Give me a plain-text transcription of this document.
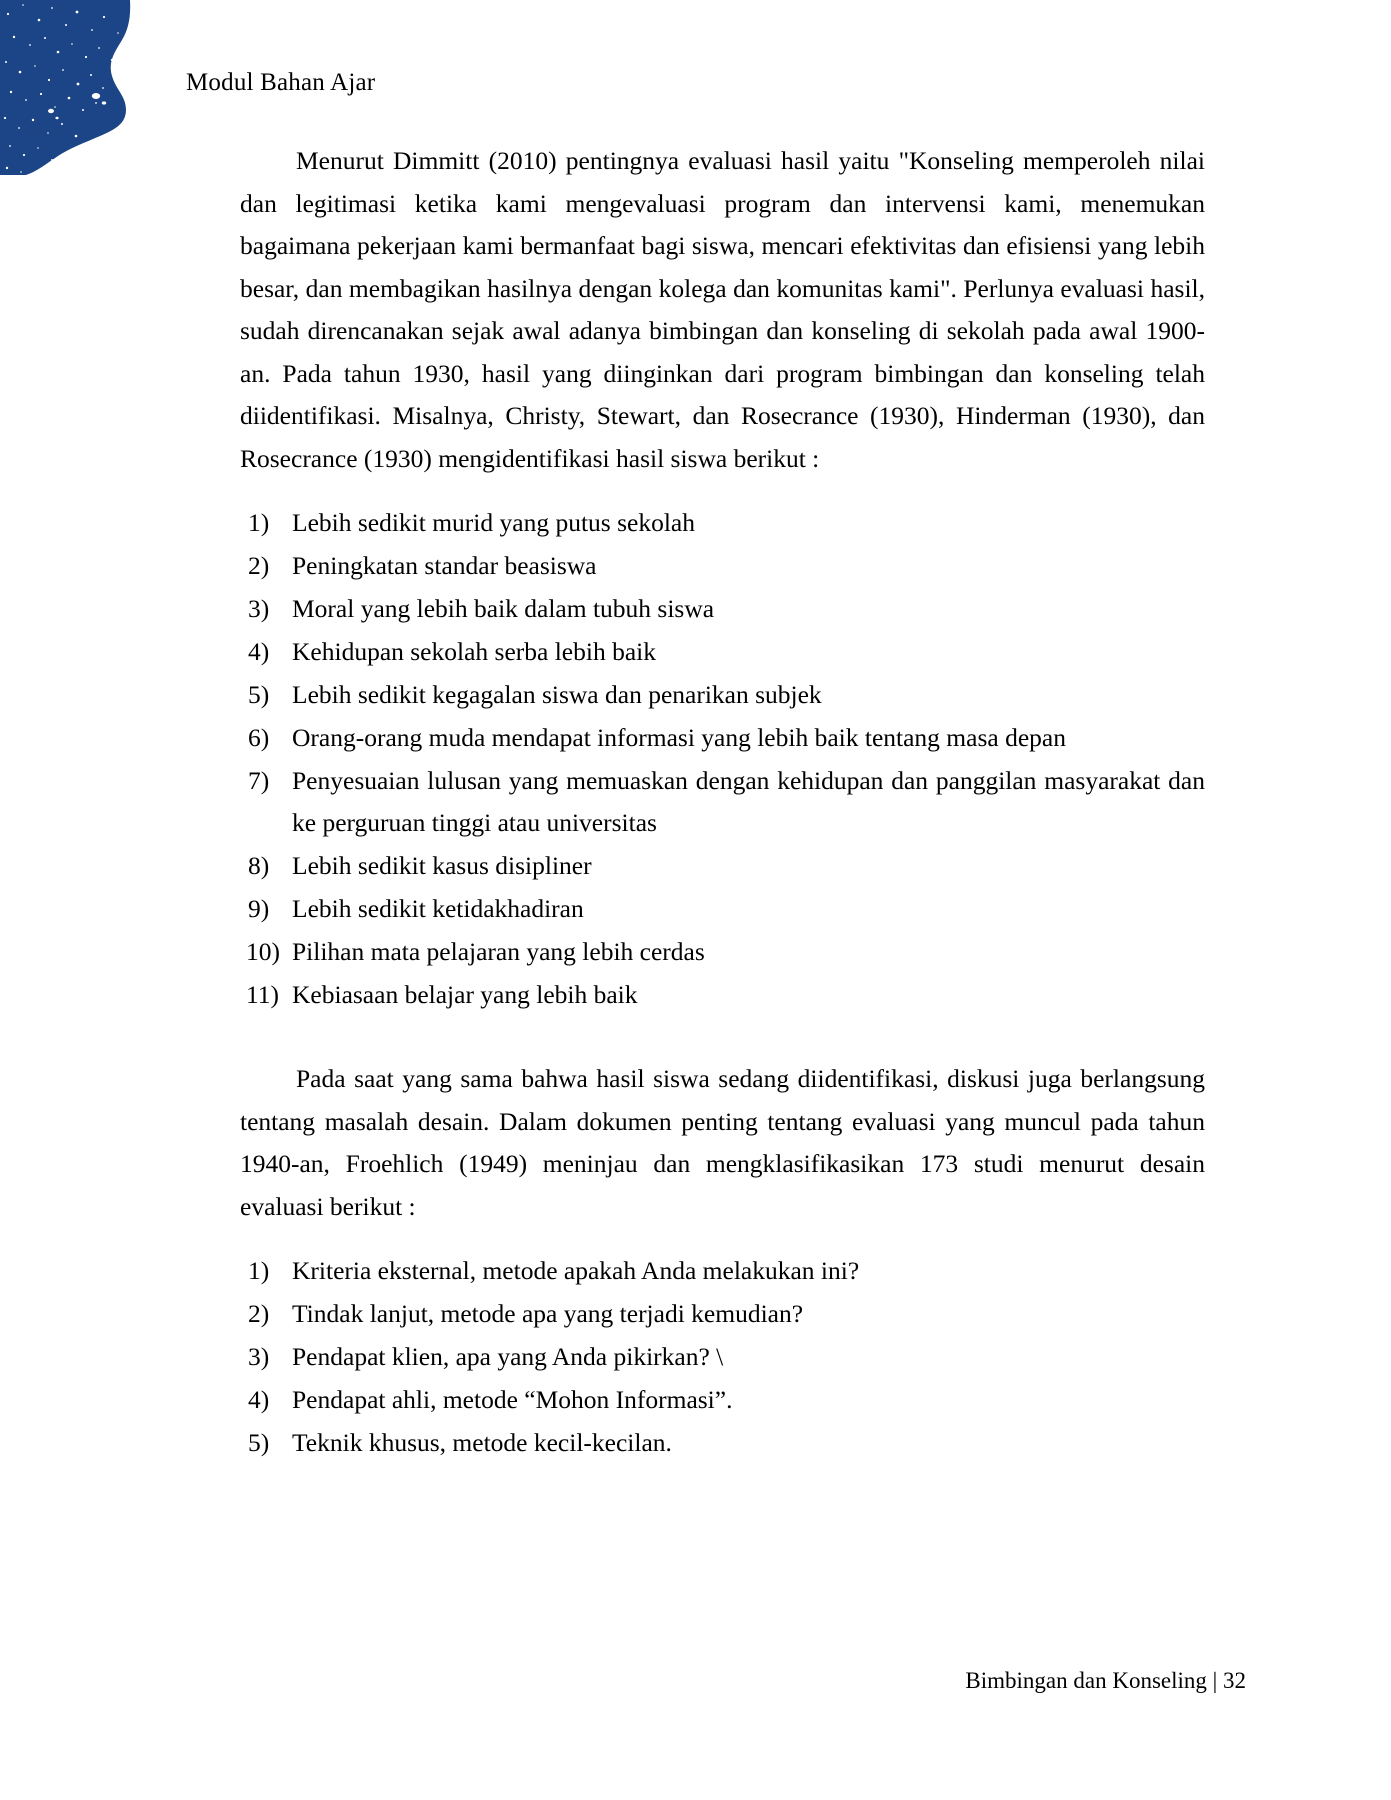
Modul Bahan Ajar

Menurut Dimmitt (2010) pentingnya evaluasi hasil yaitu "Konseling memperoleh nilai dan legitimasi ketika kami mengevaluasi program dan intervensi kami, menemukan bagaimana pekerjaan kami bermanfaat bagi siswa, mencari efektivitas dan efisiensi yang lebih besar, dan membagikan hasilnya dengan kolega dan komunitas kami". Perlunya evaluasi hasil, sudah direncanakan sejak awal adanya bimbingan dan konseling di sekolah pada awal 1900-an. Pada tahun 1930, hasil yang diinginkan dari program bimbingan dan konseling telah diidentifikasi. Misalnya, Christy, Stewart, dan Rosecrance (1930), Hinderman (1930), dan Rosecrance (1930) mengidentifikasi hasil siswa berikut :

1) Lebih sedikit murid yang putus sekolah
2) Peningkatan standar beasiswa
3) Moral yang lebih baik dalam tubuh siswa
4) Kehidupan sekolah serba lebih baik
5) Lebih sedikit kegagalan siswa dan penarikan subjek
6) Orang-orang muda mendapat informasi yang lebih baik tentang masa depan
7) Penyesuaian lulusan yang memuaskan dengan kehidupan dan panggilan masyarakat dan ke perguruan tinggi atau universitas
8) Lebih sedikit kasus disipliner
9) Lebih sedikit ketidakhadiran
10) Pilihan mata pelajaran yang lebih cerdas
11) Kebiasaan belajar yang lebih baik

Pada saat yang sama bahwa hasil siswa sedang diidentifikasi, diskusi juga berlangsung tentang masalah desain. Dalam dokumen penting tentang evaluasi yang muncul pada tahun 1940-an, Froehlich (1949) meninjau dan mengklasifikasikan 173 studi menurut desain evaluasi berikut :

1) Kriteria eksternal, metode apakah Anda melakukan ini?
2) Tindak lanjut, metode apa yang terjadi kemudian?
3) Pendapat klien, apa yang Anda pikirkan? \
4) Pendapat ahli, metode “Mohon Informasi”.
5) Teknik khusus, metode kecil-kecilan.
Bimbingan dan Konseling | 32
